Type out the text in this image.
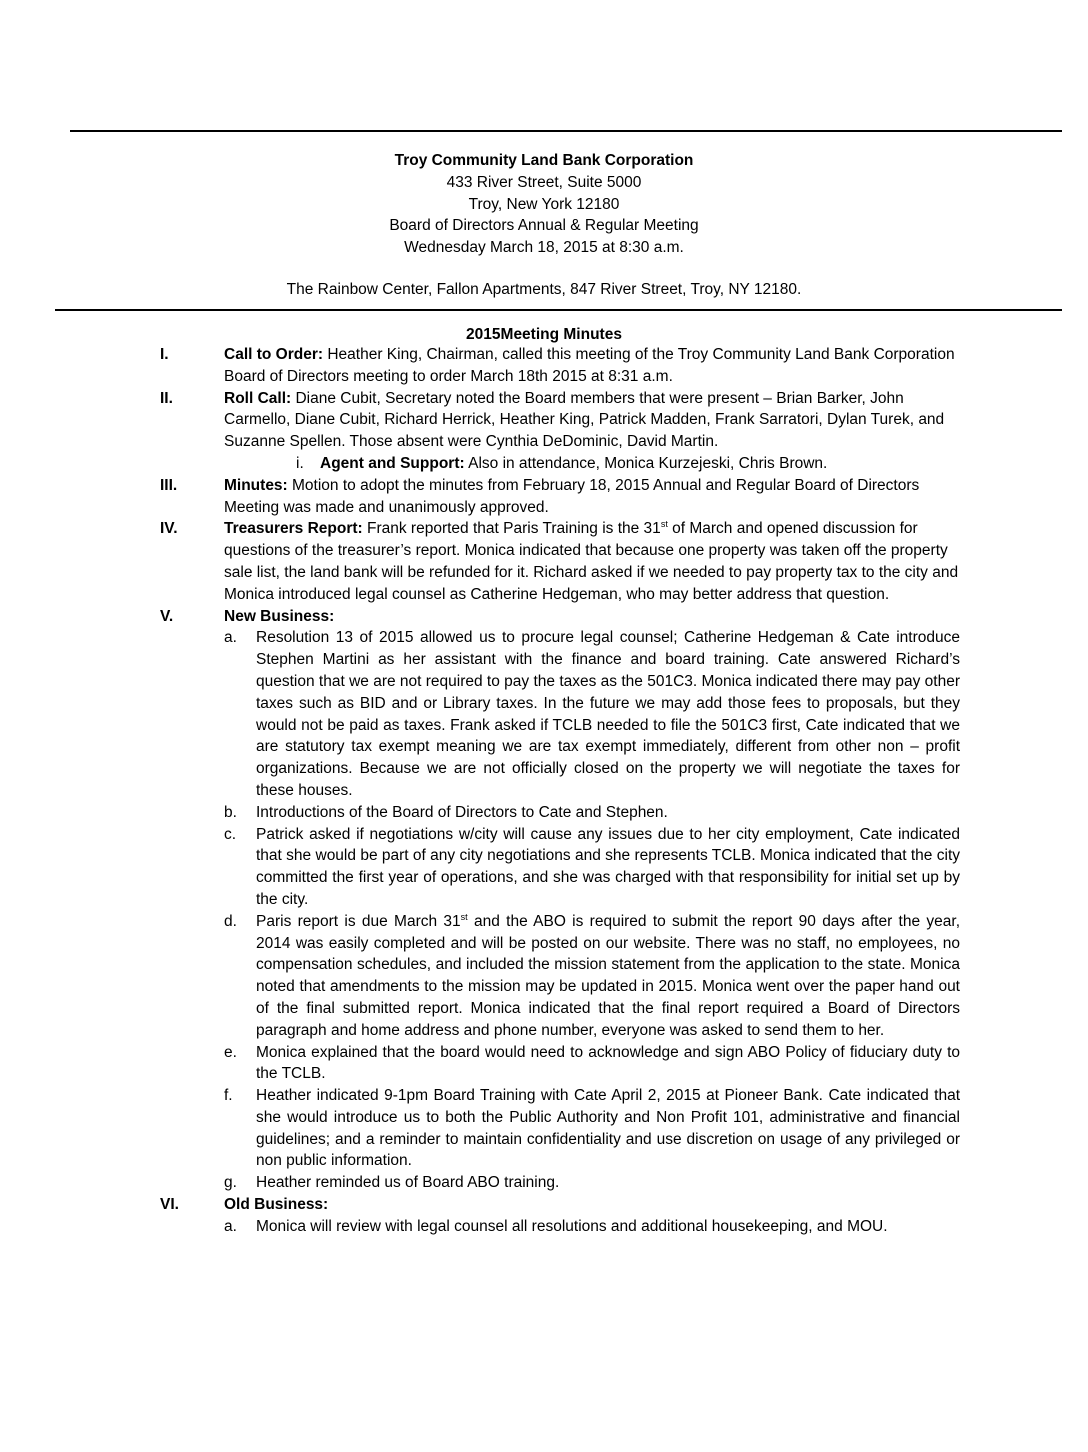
Troy Community Land Bank Corporation
433 River Street, Suite 5000
Troy, New York 12180
Board of Directors Annual & Regular Meeting
Wednesday March 18, 2015 at 8:30 a.m.
The Rainbow Center, Fallon Apartments, 847 River Street, Troy, NY 12180.
2015Meeting Minutes
I.	Call to Order: Heather King, Chairman, called this meeting of the Troy Community Land Bank Corporation Board of Directors meeting to order March 18th 2015 at 8:31 a.m.
II.	Roll Call: Diane Cubit, Secretary noted the Board members that were present – Brian Barker, John Carmello, Diane Cubit, Richard Herrick, Heather King, Patrick Madden, Frank Sarratori, Dylan Turek, and Suzanne Spellen. Those absent were Cynthia DeDominic, David Martin.
i. Agent and Support: Also in attendance, Monica Kurzejeski, Chris Brown.
III.	Minutes: Motion to adopt the minutes from February 18, 2015 Annual and Regular Board of Directors Meeting was made and unanimously approved.
IV.	Treasurers Report: Frank reported that Paris Training is the 31st of March and opened discussion for questions of the treasurer’s report. Monica indicated that because one property was taken off the property sale list, the land bank will be refunded for it. Richard asked if we needed to pay property tax to the city and Monica introduced legal counsel as Catherine Hedgeman, who may better address that question.
V.	New Business:
a. Resolution 13 of 2015 allowed us to procure legal counsel; Catherine Hedgeman & Cate introduce Stephen Martini as her assistant with the finance and board training. Cate answered Richard’s question that we are not required to pay the taxes as the 501C3. Monica indicated there may pay other taxes such as BID and or Library taxes. In the future we may add those fees to proposals, but they would not be paid as taxes. Frank asked if TCLB needed to file the 501C3 first, Cate indicated that we are statutory tax exempt meaning we are tax exempt immediately, different from other non – profit organizations. Because we are not officially closed on the property we will negotiate the taxes for these houses.
b. Introductions of the Board of Directors to Cate and Stephen.
c. Patrick asked if negotiations w/city will cause any issues due to her city employment, Cate indicated that she would be part of any city negotiations and she represents TCLB. Monica indicated that the city committed the first year of operations, and she was charged with that responsibility for initial set up by the city.
d. Paris report is due March 31st and the ABO is required to submit the report 90 days after the year, 2014 was easily completed and will be posted on our website. There was no staff, no employees, no compensation schedules, and included the mission statement from the application to the state. Monica noted that amendments to the mission may be updated in 2015. Monica went over the paper hand out of the final submitted report. Monica indicated that the final report required a Board of Directors paragraph and home address and phone number, everyone was asked to send them to her.
e. Monica explained that the board would need to acknowledge and sign ABO Policy of fiduciary duty to the TCLB.
f. Heather indicated 9-1pm Board Training with Cate April 2, 2015 at Pioneer Bank. Cate indicated that she would introduce us to both the Public Authority and Non Profit 101, administrative and financial guidelines; and a reminder to maintain confidentiality and use discretion on usage of any privileged or non public information.
g. Heather reminded us of Board ABO training.
VI.	Old Business:
a. Monica will review with legal counsel all resolutions and additional housekeeping, and MOU.
